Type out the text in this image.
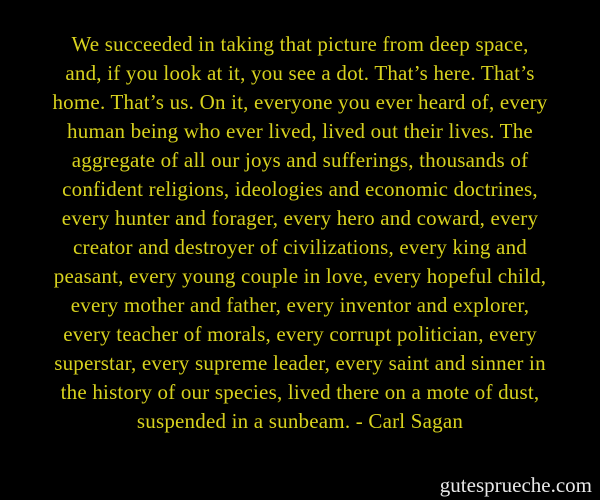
We succeeded in taking that picture from deep space,
and, if you look at it, you see a dot. That’s here. That’s
home. That’s us. On it, everyone you ever heard of, every
human being who ever lived, lived out their lives. The
aggregate of all our joys and sufferings, thousands of
confident religions, ideologies and economic doctrines,
every hunter and forager, every hero and coward, every
creator and destroyer of civilizations, every king and
peasant, every young couple in love, every hopeful child,
every mother and father, every inventor and explorer,
every teacher of morals, every corrupt politician, every
superstar, every supreme leader, every saint and sinner in
the history of our species, lived there on a mote of dust,
suspended in a sunbeam. - Carl Sagan
gutesprueche.com
